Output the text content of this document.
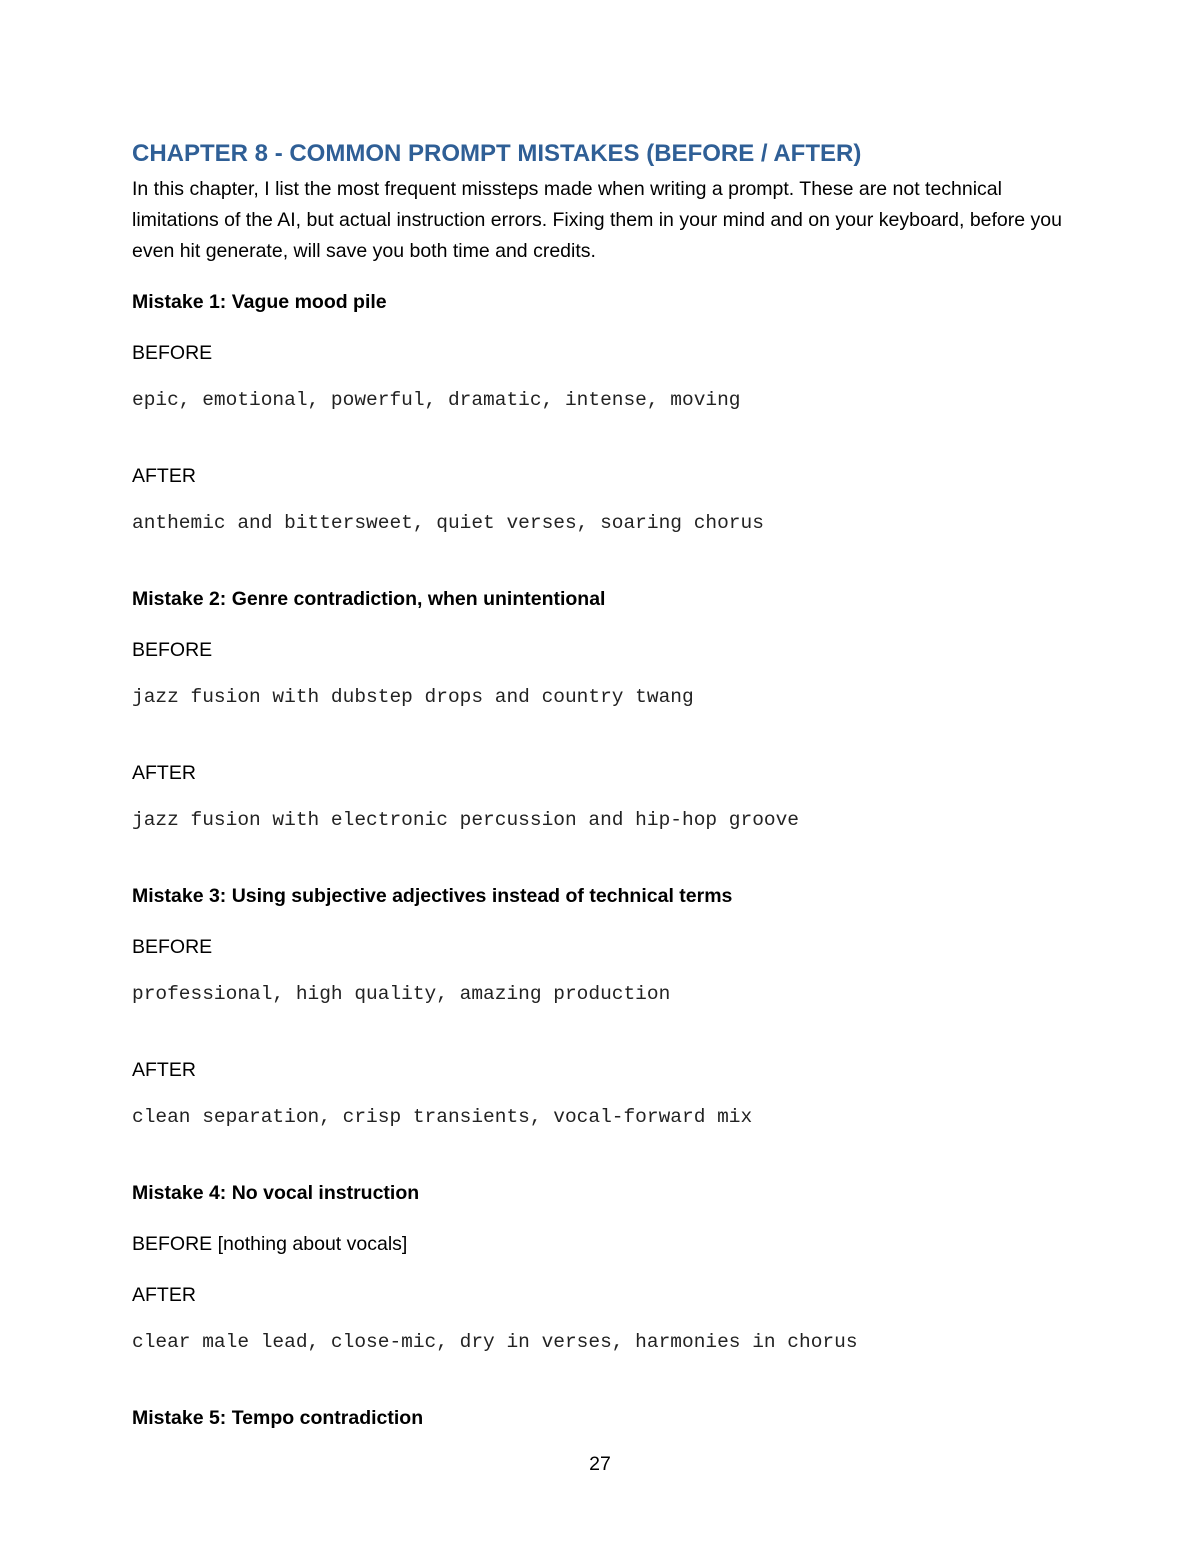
CHAPTER 8 - COMMON PROMPT MISTAKES (BEFORE / AFTER)

In this chapter, I list the most frequent missteps made when writing a prompt. These are not technical limitations of the AI, but actual instruction errors. Fixing them in your mind and on your keyboard, before you even hit generate, will save you both time and credits.

Mistake 1: Vague mood pile

BEFORE

epic, emotional, powerful, dramatic, intense, moving

AFTER

anthemic and bittersweet, quiet verses, soaring chorus

Mistake 2: Genre contradiction, when unintentional

BEFORE

jazz fusion with dubstep drops and country twang

AFTER

jazz fusion with electronic percussion and hip-hop groove

Mistake 3: Using subjective adjectives instead of technical terms

BEFORE

professional, high quality, amazing production

AFTER

clean separation, crisp transients, vocal-forward mix

Mistake 4: No vocal instruction

BEFORE [nothing about vocals]

AFTER

clear male lead, close-mic, dry in verses, harmonies in chorus

Mistake 5: Tempo contradiction

27
